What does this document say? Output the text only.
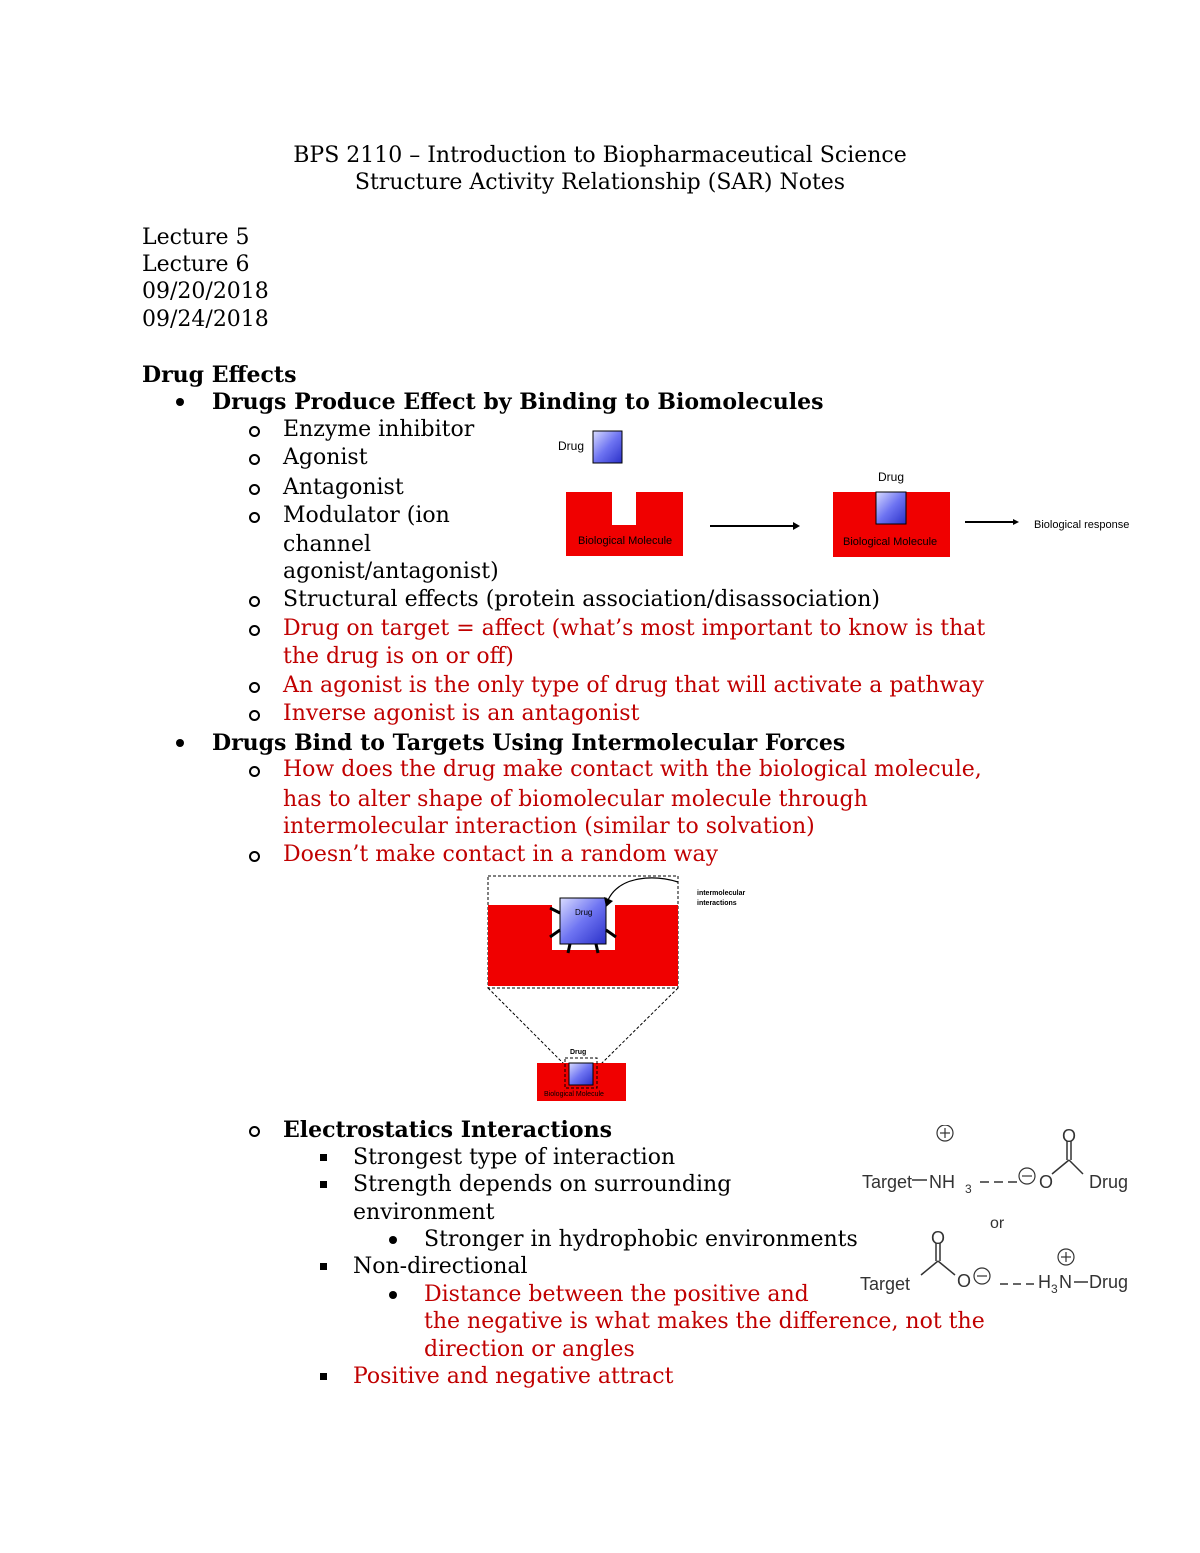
BPS 2110 – Introduction to Biopharmaceutical Science
Structure Activity Relationship (SAR) Notes
Lecture 5
Lecture 6
09/20/2018
09/24/2018
Drug Effects
Drugs Produce Effect by Binding to Biomolecules
Enzyme inhibitor
Agonist
Antagonist
Modulator (ion
channel
agonist/antagonist)
Structural effects (protein association/disassociation)
Drug on target = affect (what’s most important to know is that
the drug is on or off)
An agonist is the only type of drug that will activate a pathway
Inverse agonist is an antagonist
Drug
Biological Molecule
Drug
Biological Molecule
Biological response
Drugs Bind to Targets Using Intermolecular Forces
How does the drug make contact with the biological molecule,
has to alter shape of biomolecular molecule through
intermolecular interaction (similar to solvation)
Doesn’t make contact in a random way
Drug
intermolecular
interactions
Drug
Biological Molecule
Electrostatics Interactions
Strongest type of interaction
Strength depends on surrounding
environment
Stronger in hydrophobic environments
Non-directional
Distance between the positive and
the negative is what makes the difference, not the
direction or angles
Positive and negative attract
Target NH 3	O
O
Drug
or
Target
O
O	H 3 N Drug
